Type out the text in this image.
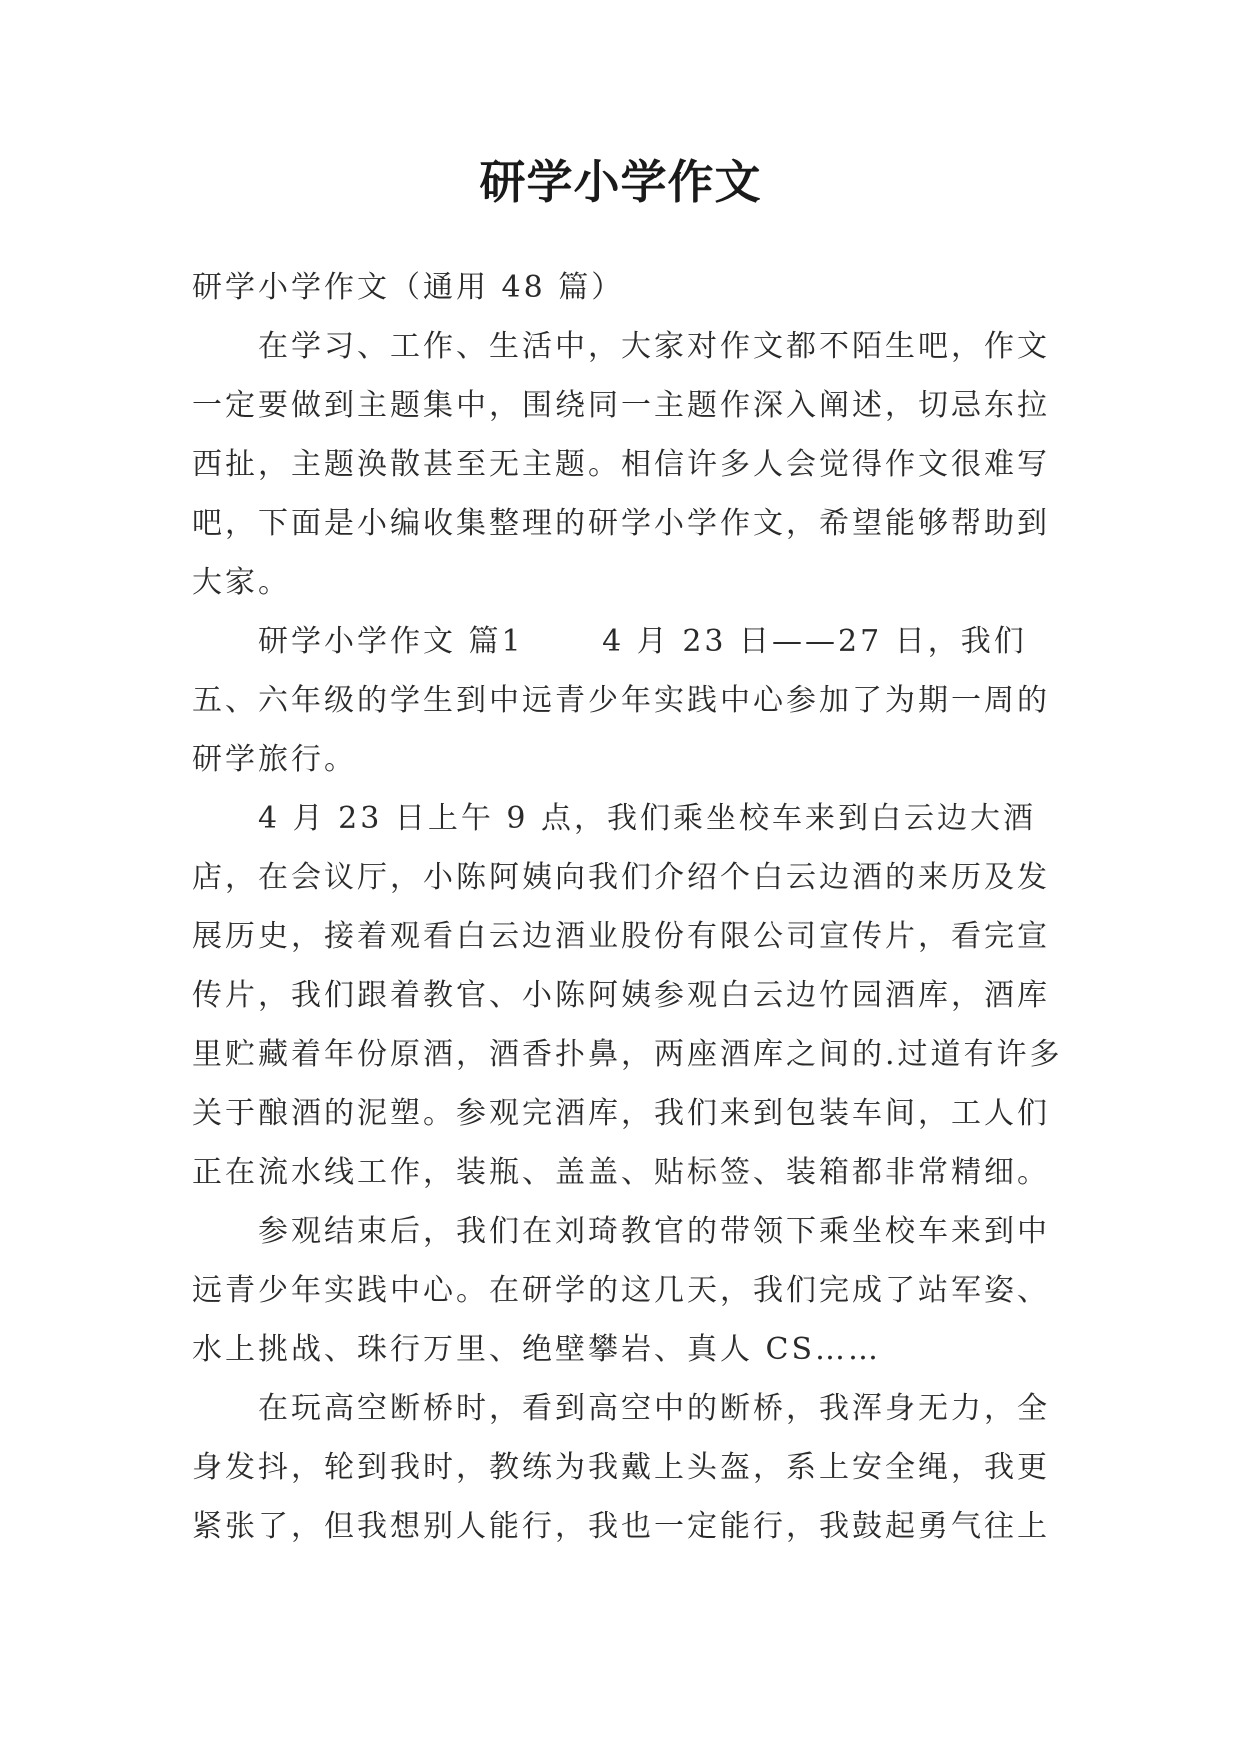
研学小学作文

研学小学作文（通用 48 篇）

在学习、工作、生活中，大家对作文都不陌生吧，作文一定要做到主题集中，围绕同一主题作深入阐述，切忌东拉西扯，主题涣散甚至无主题。相信许多人会觉得作文很难写吧，下面是小编收集整理的研学小学作文，希望能够帮助到大家。

研学小学作文 篇1 　　4 月 23 日——27 日，我们五、六年级的学生到中远青少年实践中心参加了为期一周的研学旅行。

4 月 23 日上午 9 点，我们乘坐校车来到白云边大酒店，在会议厅，小陈阿姨向我们介绍个白云边酒的来历及发展历史，接着观看白云边酒业股份有限公司宣传片，看完宣传片，我们跟着教官、小陈阿姨参观白云边竹园酒库，酒库里贮藏着年份原酒，酒香扑鼻，两座酒库之间的.过道有许多关于酿酒的泥塑。参观完酒库，我们来到包装车间，工人们正在流水线工作，装瓶、盖盖、贴标签、装箱都非常精细。

参观结束后，我们在刘琦教官的带领下乘坐校车来到中远青少年实践中心。在研学的这几天，我们完成了站军姿、水上挑战、珠行万里、绝壁攀岩、真人 CS……

在玩高空断桥时，看到高空中的断桥，我浑身无力，全身发抖，轮到我时，教练为我戴上头盔，系上安全绳，我更紧张了，但我想别人能行，我也一定能行，我鼓起勇气往上
